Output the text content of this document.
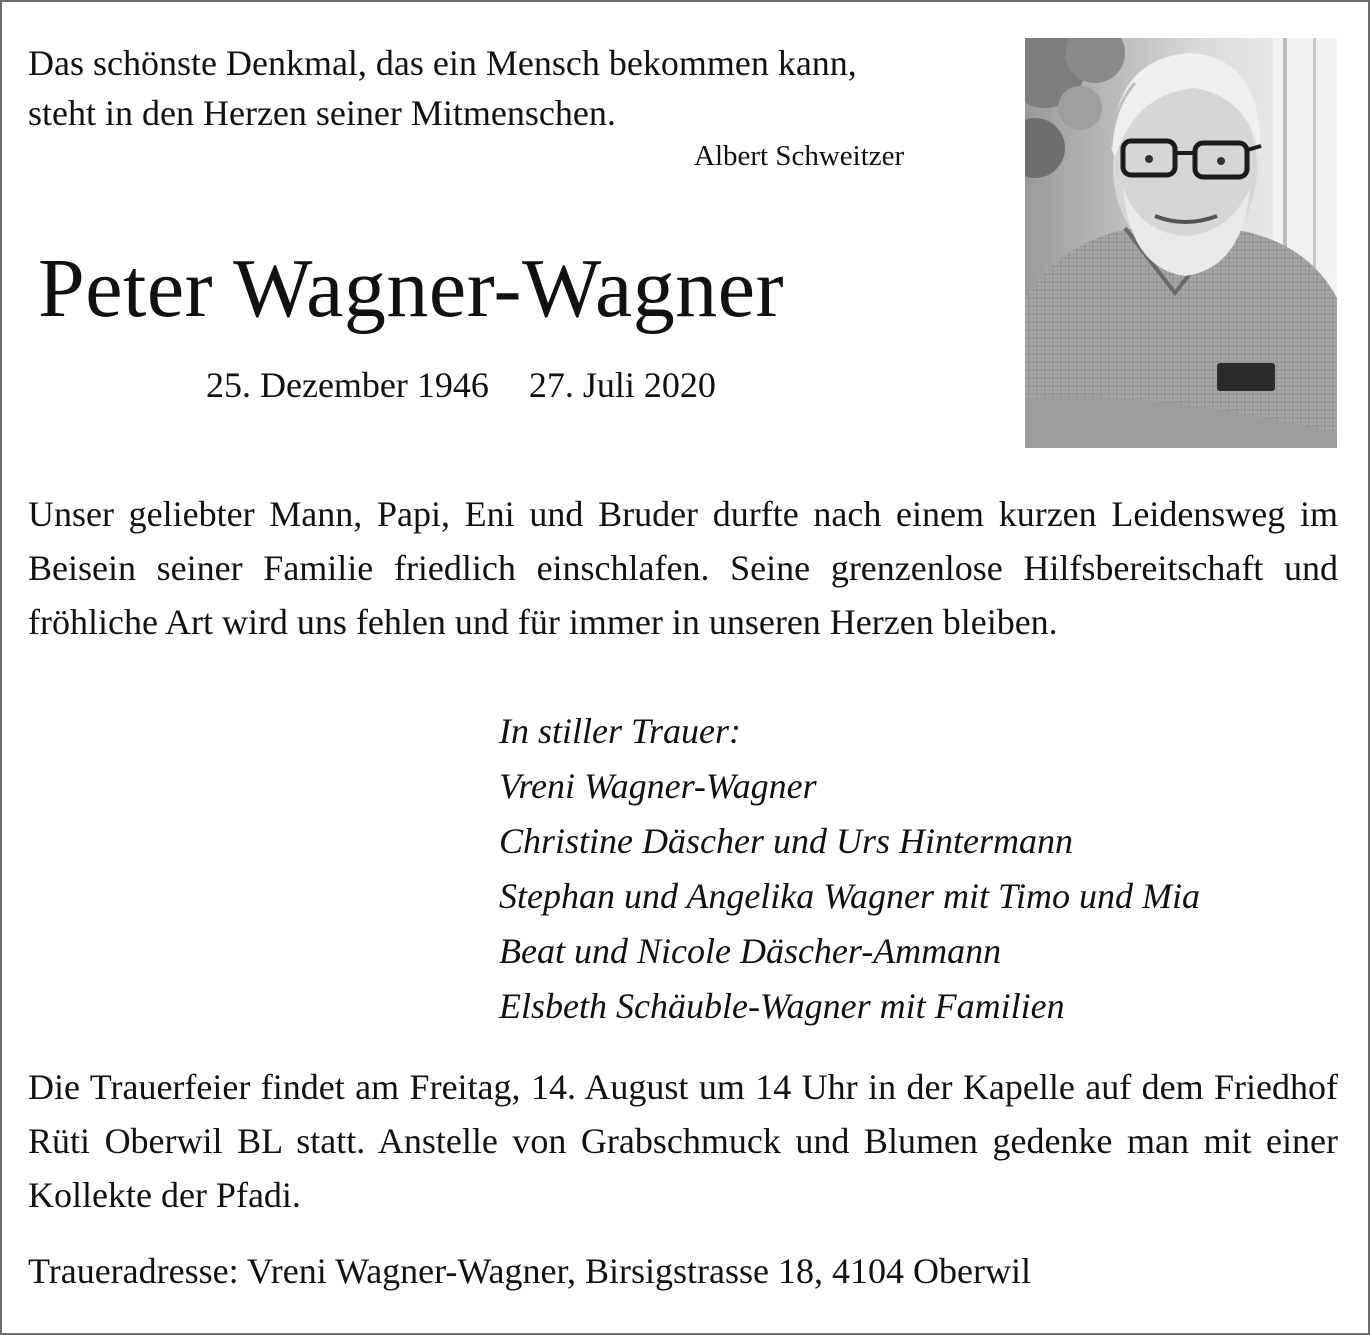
Das schönste Denkmal, das ein Mensch bekommen kann,
steht in den Herzen seiner Mitmenschen.
Albert Schweitzer
Peter Wagner-Wagner
25. Dezember 1946 27. Juli 2020

Unser geliebter Mann, Papi, Eni und Bruder durfte nach einem kurzen Leidensweg im Beisein seiner Familie friedlich einschlafen. Seine grenzenlose Hilfsbereitschaft und fröhliche Art wird uns fehlen und für immer in unseren Herzen bleiben.

In stiller Trauer:
Vreni Wagner-Wagner
Christine Däscher und Urs Hintermann
Stephan und Angelika Wagner mit Timo und Mia
Beat und Nicole Däscher-Ammann
Elsbeth Schäuble-Wagner mit Familien

Die Trauerfeier findet am Freitag, 14. August um 14 Uhr in der Kapelle auf dem Friedhof Rüti Oberwil BL statt. Anstelle von Grabschmuck und Blumen gedenke man mit einer Kollekte der Pfadi.

Traueradresse: Vreni Wagner-Wagner, Birsigstrasse 18, 4104 Oberwil
